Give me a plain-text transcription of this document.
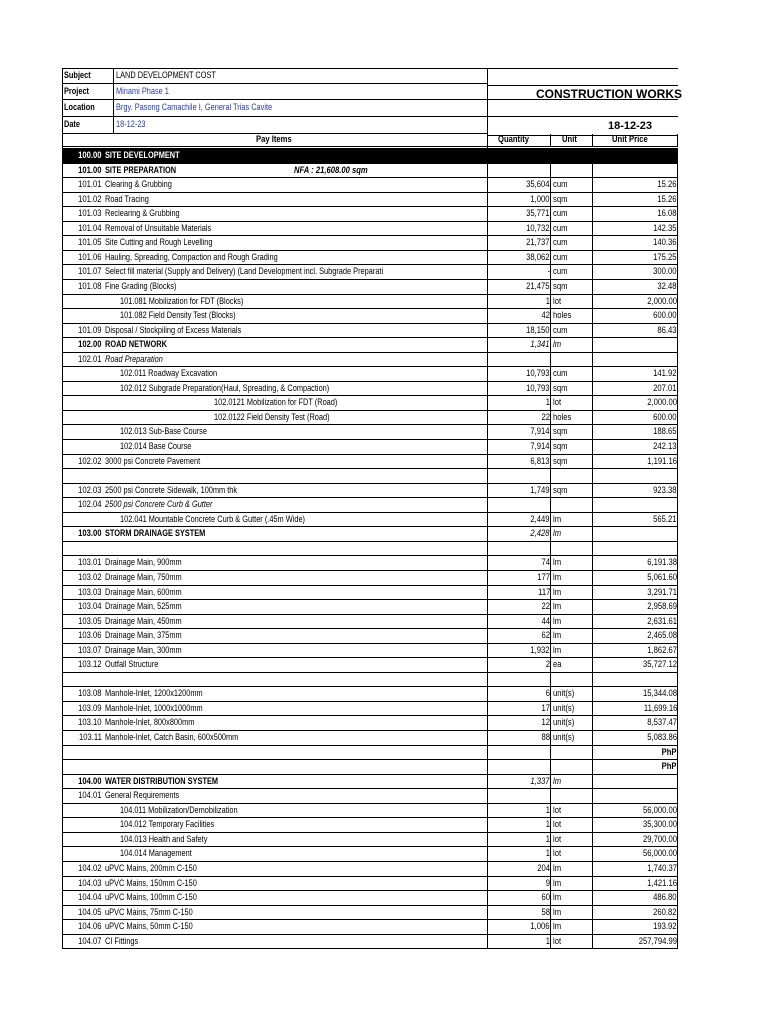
Subject	LAND DEVELOPMENT COST
Project	Minami Phase 1
Location Brgy. Pasong Camachile I, General Trias Cavite
Date	18-12-23
CONSTRUCTION WORKS
18-12-23
Pay Items	Quantity	Unit	Unit Price
100.00 SITE DEVELOPMENT
101.00 SITE PREPARATION	NFA : 21,608.00 sqm
101.01 Clearing & Grubbing	35,604 cum	15.26
101.02 Road Tracing	1,000 sqm	15.26
101.03 Reclearing & Grubbing	35,771 cum	16.08
101.04 Removal of Unsuitable Materials	10,732 cum	142.35
101.05 Site Cutting and Rough Levelling	21,737 cum	140.36
101.06 Hauling, Spreading, Compaction and Rough Grading	38,062 cum	175.25
101.07 Select fill material (Supply and Delivery) (Land Development incl. Subgrade Preparati	- cum	300.00
101.08 Fine Grading (Blocks)	21,475 sqm	32.48
101.081 Mobilization for FDT (Blocks)	1 lot	2,000.00
101.082 Field Density Test (Blocks)	42 holes	600.00
101.09 Disposal / Stockpiling of Excess Materials	18,150 cum	86.43
102.00 ROAD NETWORK	1,341 lm
102.01 Road Preparation
102.011 Roadway Excavation	10,793 cum	141.92
102.012 Subgrade Preparation(Haul, Spreading, & Compaction)	10,793 sqm	207.01
102.0121 Mobilization for FDT (Road)	1 lot	2,000.00
102.0122 Field Density Test (Road)	22 holes	600.00
102.013 Sub-Base Course	7,914 sqm	188.65
102.014 Base Course	7,914 sqm	242.13
102.02 3000 psi Concrete Pavement	6,813 sqm	1,191.16
102.03 2500 psi Concrete Sidewalk, 100mm thk	1,749 sqm	923.38
102.04 2500 psi Concrete Curb & Gutter
102.041 Mountable Concrete Curb & Gutter (.45m Wide)	2,449 lm	565.21
103.00 STORM DRAINAGE SYSTEM	2,428 lm
103.01 Drainage Main, 900mm	74 lm	6,191.38
103.02 Drainage Main, 750mm	177 lm	5,061.60
103.03 Drainage Main, 600mm	117 lm	3,291.71
103.04 Drainage Main, 525mm	22 lm	2,958.69
103.05 Drainage Main, 450mm	44 lm	2,631.61
103.06 Drainage Main, 375mm	62 lm	2,465.08
103.07 Drainage Main, 300mm	1,932 lm	1,862.67
103.12 Outfall Structure	2 ea	35,727.12
103.08 Manhole-Inlet, 1200x1200mm	6 unit(s)	15,344.08
103.09 Manhole-Inlet, 1000x1000mm	17 unit(s)	11,699.16
103.10 Manhole-Inlet, 800x800mm	12 unit(s)	8,537.47
103.11 Manhole-Inlet, Catch Basin, 600x500mm	88 unit(s)	5,083.86
PhP
PhP
104.00 WATER DISTRIBUTION SYSTEM	1,337 lm
104.01 General Requirements
104.011 Mobilization/Demobilization	1 lot	56,000.00
104.012 Temporary Facilities	1 lot	35,300.00
104.013 Health and Safety	1 lot	29,700.00
104.014 Management	1 lot	56,000.00
104.02 uPVC Mains, 200mm C-150	204 lm	1,740.37
104.03 uPVC Mains, 150mm C-150	9 lm	1,421.16
104.04 uPVC Mains, 100mm C-150	60 lm	486.80
104.05 uPVC Mains, 75mm C-150	58 lm	260.82
104.06 uPVC Mains, 50mm C-150	1,006 lm	193.92
104.07 CI Fittings	1 lot	257,794.99
